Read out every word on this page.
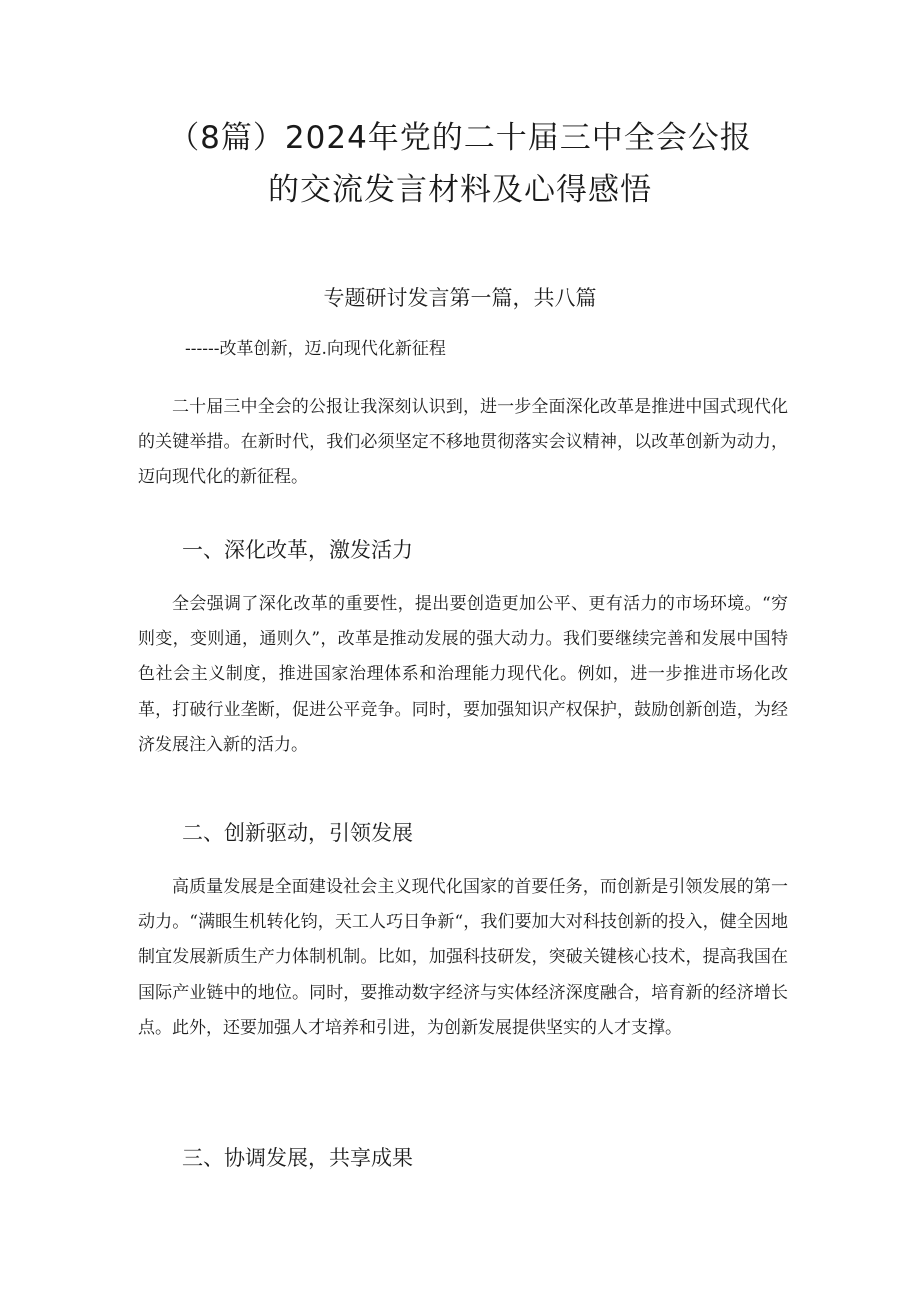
（8篇）2024年党的二十届三中全会公报
的交流发言材料及心得感悟
专题研讨发言第一篇，共八篇

------改革创新，迈.向现代化新征程

二十届三中全会的公报让我深刻认识到，进一步全面深化改革是推进中国式现代化的关键举措。在新时代，我们必须坚定不移地贯彻落实会议精神，以改革创新为动力，迈向现代化的新征程。

一、深化改革，激发活力

全会强调了深化改革的重要性，提出要创造更加公平、更有活力的市场环境。“穷则变，变则通，通则久”，改革是推动发展的强大动力。我们要继续完善和发展中国特色社会主义制度，推进国家治理体系和治理能力现代化。例如，进一步推进市场化改革，打破行业垄断，促进公平竞争。同时，要加强知识产权保护，鼓励创新创造，为经济发展注入新的活力。

二、创新驱动，引领发展

高质量发展是全面建设社会主义现代化国家的首要任务，而创新是引领发展的第一动力。“满眼生机转化钧，天工人巧日争新“，我们要加大对科技创新的投入，健全因地制宜发展新质生产力体制机制。比如，加强科技研发，突破关键核心技术，提高我国在国际产业链中的地位。同时，要推动数字经济与实体经济深度融合，培育新的经济增长点。此外，还要加强人才培养和引进，为创新发展提供坚实的人才支撑。

三、协调发展，共享成果
